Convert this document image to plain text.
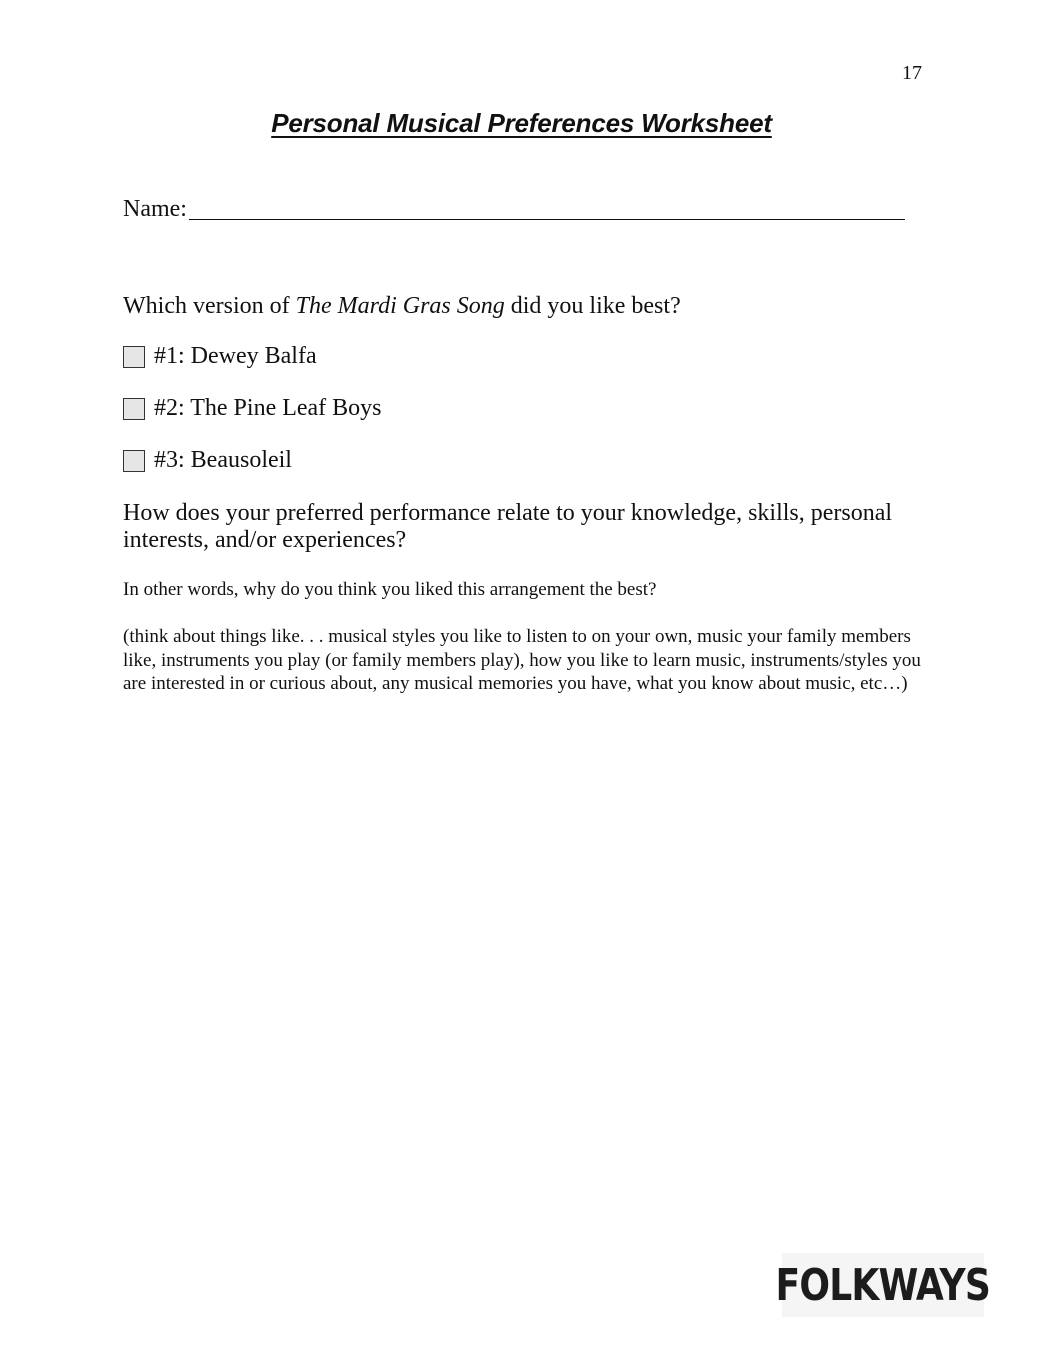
17
Personal Musical Preferences Worksheet
Name:
Which version of The Mardi Gras Song did you like best?
#1: Dewey Balfa
#2: The Pine Leaf Boys
#3: Beausoleil
How does your preferred performance relate to your knowledge, skills, personal interests, and/or experiences?
In other words, why do you think you liked this arrangement the best?
(think about things like. . . musical styles you like to listen to on your own, music your family members like, instruments you play (or family members play), how you like to learn music, instruments/styles you are interested in or curious about, any musical memories you have, what you know about music, etc…)
FOLKWAYS
